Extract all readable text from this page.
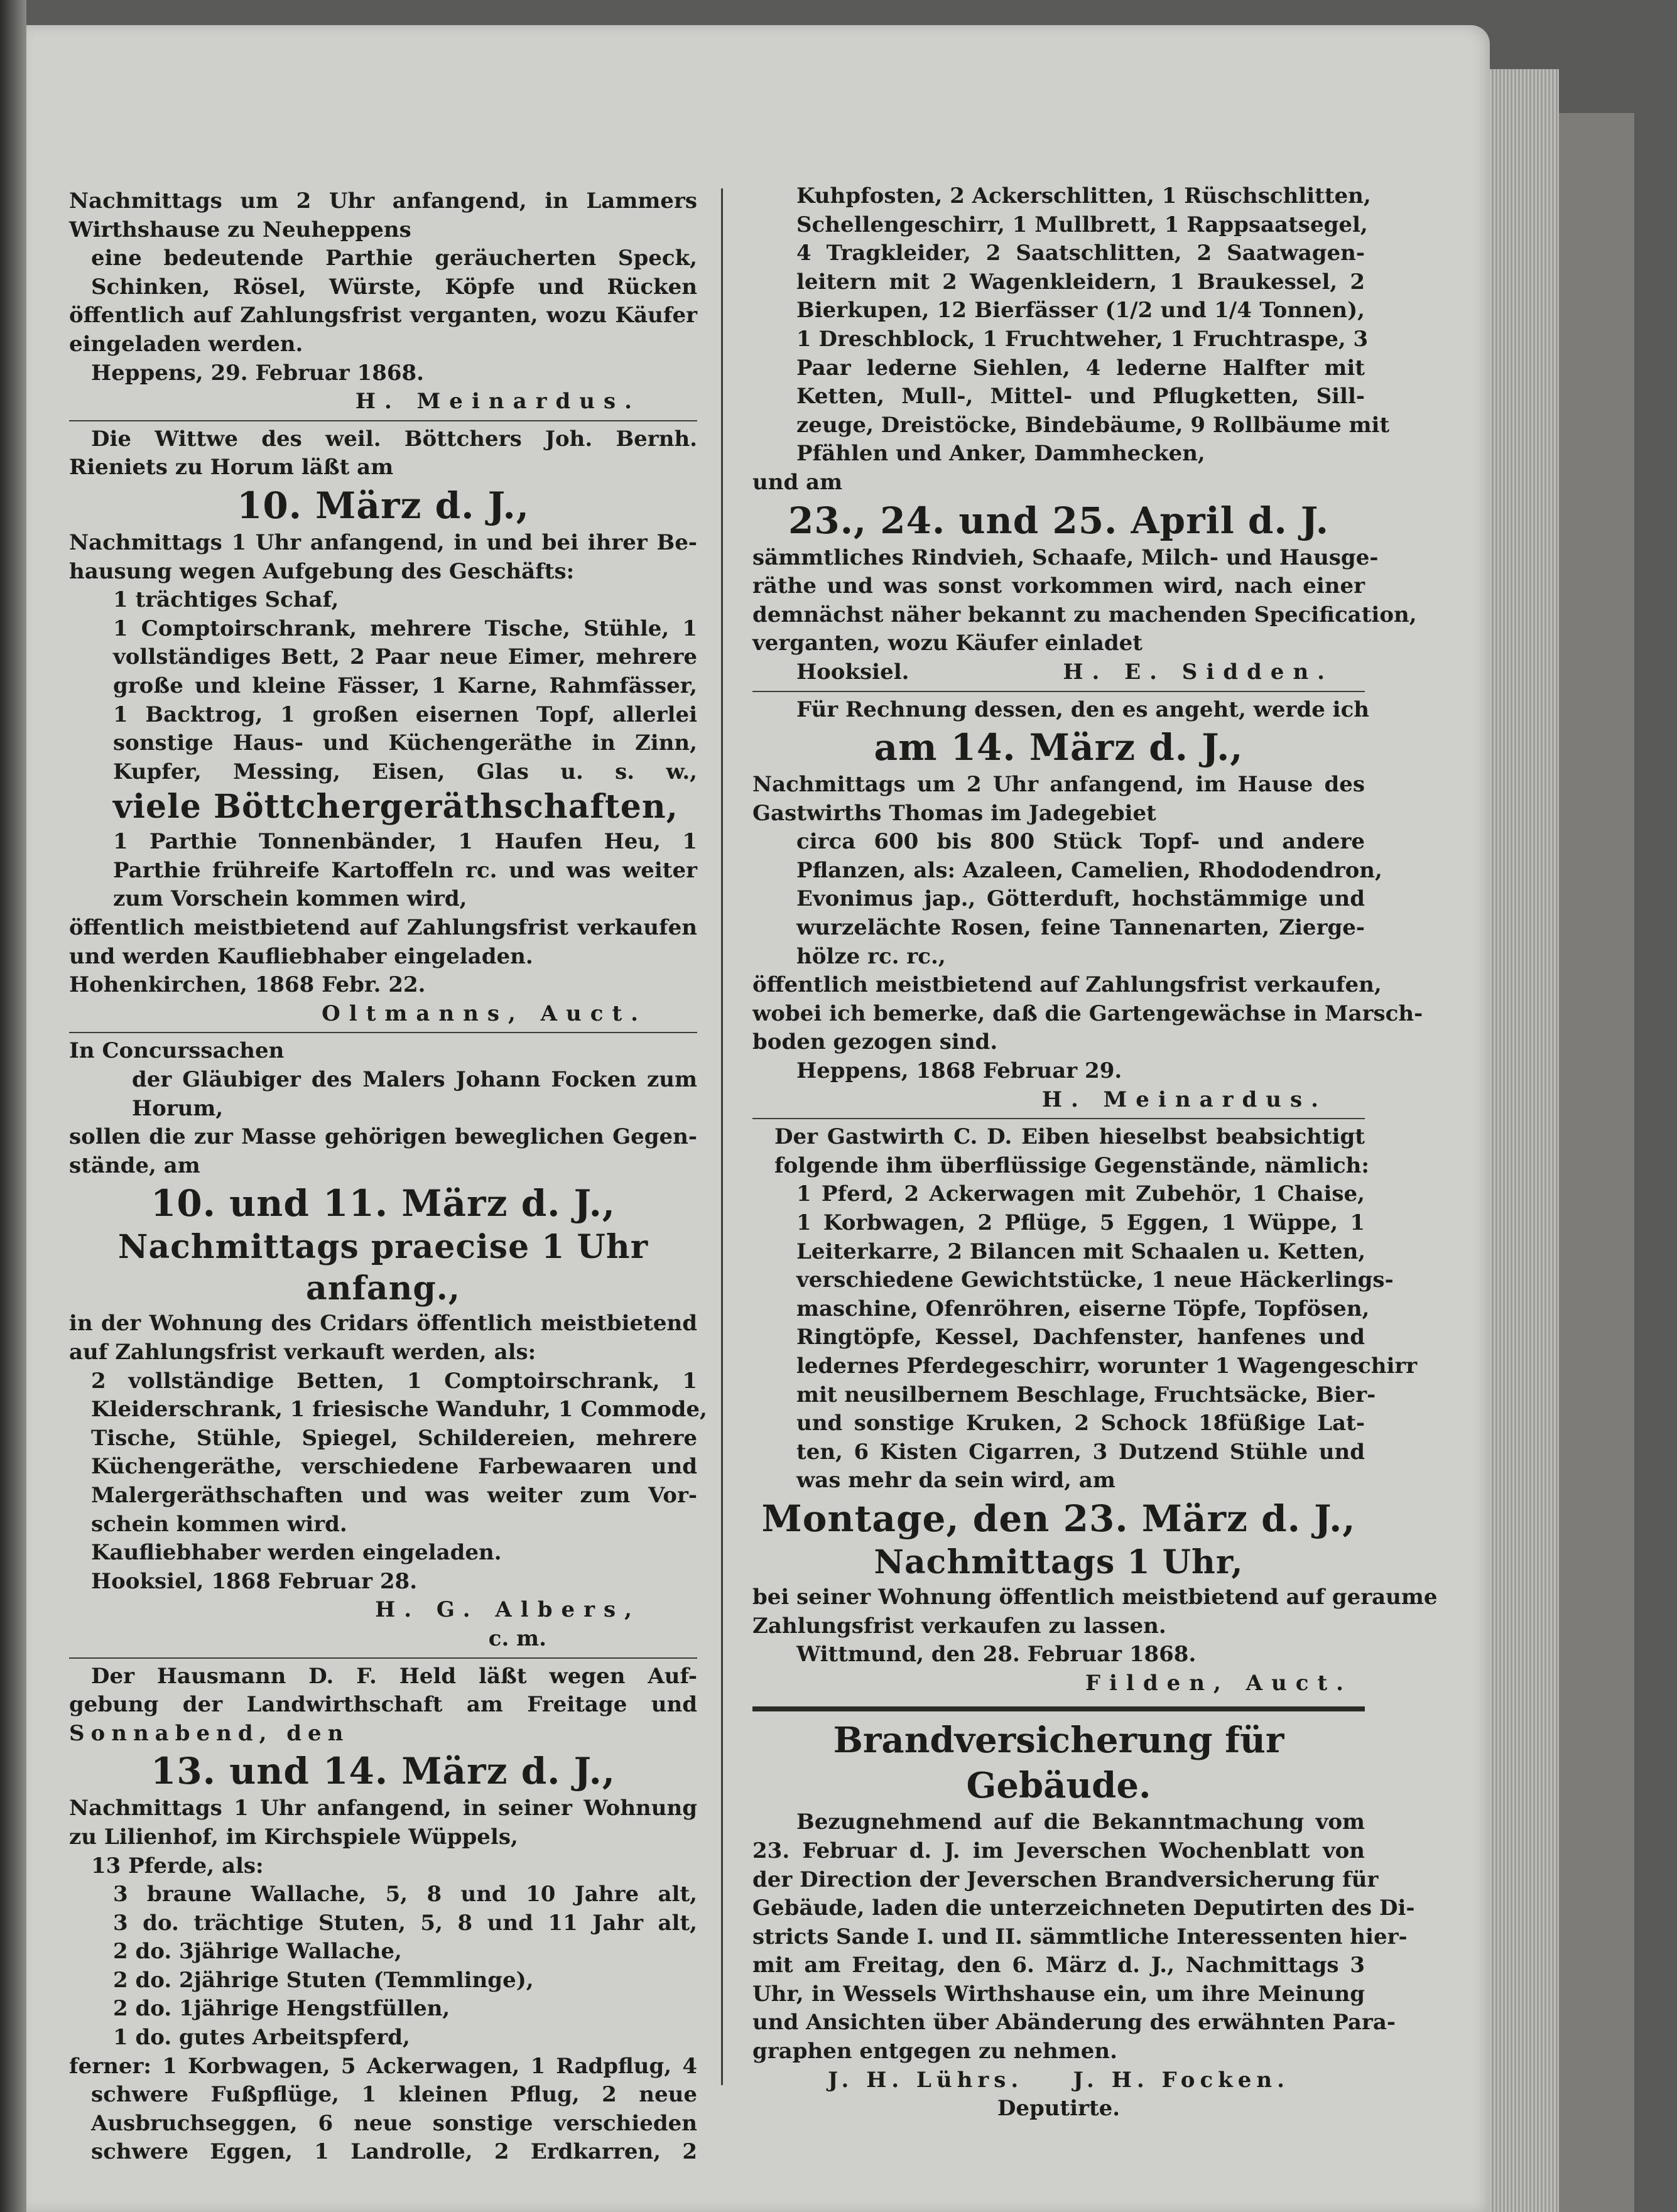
Nachmittags um 2 Uhr anfangend, in Lammers
Wirthshause zu Neuheppens
eine bedeutende Parthie geräucherten Speck,
Schinken, Rösel, Würste, Köpfe und Rücken
öffentlich auf Zahlungsfrist verganten, wozu Käufer
eingeladen werden.
Heppens, 29. Februar 1868.
H. Meinardus.
Die Wittwe des weil. Böttchers Joh. Bernh.
Rieniets zu Horum läßt am
10. März d. J.,
Nachmittags 1 Uhr anfangend, in und bei ihrer Be-
hausung wegen Aufgebung des Geschäfts:
1 trächtiges Schaf,
1 Comptoirschrank, mehrere Tische, Stühle, 1
vollständiges Bett, 2 Paar neue Eimer, mehrere
große und kleine Fässer, 1 Karne, Rahmfässer,
1 Backtrog, 1 großen eisernen Topf, allerlei
sonstige Haus- und Küchengeräthe in Zinn,
Kupfer, Messing, Eisen, Glas u. s. w.,
viele Böttchergeräthschaften,
1 Parthie Tonnenbänder, 1 Haufen Heu, 1
Parthie frühreife Kartoffeln rc. und was weiter
zum Vorschein kommen wird,
öffentlich meistbietend auf Zahlungsfrist verkaufen
und werden Kaufliebhaber eingeladen.
Hohenkirchen, 1868 Febr. 22.
Oltmanns, Auct.
In Concurssachen
der Gläubiger des Malers Johann Focken zum
Horum,
sollen die zur Masse gehörigen beweglichen Gegen-
stände, am
10. und 11. März d. J.,
Nachmittags praecise 1 Uhr anfang.,
in der Wohnung des Cridars öffentlich meistbietend
auf Zahlungsfrist verkauft werden, als:
2 vollständige Betten, 1 Comptoirschrank, 1
Kleiderschrank, 1 friesische Wanduhr, 1 Commode,
Tische, Stühle, Spiegel, Schildereien, mehrere
Küchengeräthe, verschiedene Farbewaaren und
Malergeräthschaften und was weiter zum Vor-
schein kommen wird.
Kaufliebhaber werden eingeladen.
Hooksiel, 1868 Februar 28.
H. G. Albers,
c. m.
Der Hausmann D. F. Held läßt wegen Auf-
gebung der Landwirthschaft am Freitage und
Sonnabend, den
13. und 14. März d. J.,
Nachmittags 1 Uhr anfangend, in seiner Wohnung
zu Lilienhof, im Kirchspiele Wüppels,
13 Pferde, als:
3 braune Wallache, 5, 8 und 10 Jahre alt,
3 do. trächtige Stuten, 5, 8 und 11 Jahr alt,
2 do. 3jährige Wallache,
2 do. 2jährige Stuten (Temmlinge),
2 do. 1jährige Hengstfüllen,
1 do. gutes Arbeitspferd,
ferner: 1 Korbwagen, 5 Ackerwagen, 1 Radpflug, 4
schwere Fußpflüge, 1 kleinen Pflug, 2 neue
Ausbruchseggen, 6 neue sonstige verschieden
schwere Eggen, 1 Landrolle, 2 Erdkarren, 2
Kuhpfosten, 2 Ackerschlitten, 1 Rüschschlitten,
Schellengeschirr, 1 Mullbrett, 1 Rappsaatsegel,
4 Tragkleider, 2 Saatschlitten, 2 Saatwagen-
leitern mit 2 Wagenkleidern, 1 Braukessel, 2
Bierkupen, 12 Bierfässer (1/2 und 1/4 Tonnen),
1 Dreschblock, 1 Fruchtweher, 1 Fruchtraspe, 3
Paar lederne Siehlen, 4 lederne Halfter mit
Ketten, Mull-, Mittel- und Pflugketten, Sill-
zeuge, Dreistöcke, Bindebäume, 9 Rollbäume mit
Pfählen und Anker, Dammhecken,
und am
23., 24. und 25. April d. J.
sämmtliches Rindvieh, Schaafe, Milch- und Hausge-
räthe und was sonst vorkommen wird, nach einer
demnächst näher bekannt zu machenden Specification,
verganten, wozu Käufer einladet
Hooksiel.	H. E. Sidden.
Für Rechnung dessen, den es angeht, werde ich
am 14. März d. J.,
Nachmittags um 2 Uhr anfangend, im Hause des
Gastwirths Thomas im Jadegebiet
circa 600 bis 800 Stück Topf- und andere
Pflanzen, als: Azaleen, Camelien, Rhododendron,
Evonimus jap., Götterduft, hochstämmige und
wurzelächte Rosen, feine Tannenarten, Zierge-
hölze rc. rc.,
öffentlich meistbietend auf Zahlungsfrist verkaufen,
wobei ich bemerke, daß die Gartengewächse in Marsch-
boden gezogen sind.
Heppens, 1868 Februar 29.
H. Meinardus.
Der Gastwirth C. D. Eiben hieselbst beabsichtigt
folgende ihm überflüssige Gegenstände, nämlich:
1 Pferd, 2 Ackerwagen mit Zubehör, 1 Chaise,
1 Korbwagen, 2 Pflüge, 5 Eggen, 1 Wüppe, 1
Leiterkarre, 2 Bilancen mit Schaalen u. Ketten,
verschiedene Gewichtstücke, 1 neue Häckerlings-
maschine, Ofenröhren, eiserne Töpfe, Topfösen,
Ringtöpfe, Kessel, Dachfenster, hanfenes und
ledernes Pferdegeschirr, worunter 1 Wagengeschirr
mit neusilbernem Beschlage, Fruchtsäcke, Bier-
und sonstige Kruken, 2 Schock 18füßige Lat-
ten, 6 Kisten Cigarren, 3 Dutzend Stühle und
was mehr da sein wird, am
Montage, den 23. März d. J.,
Nachmittags 1 Uhr,
bei seiner Wohnung öffentlich meistbietend auf geraume
Zahlungsfrist verkaufen zu lassen.
Wittmund, den 28. Februar 1868.
Filden, Auct.
Brandversicherung für Gebäude.
Bezugnehmend auf die Bekanntmachung vom
23. Februar d. J. im Jeverschen Wochenblatt von
der Direction der Jeverschen Brandversicherung für
Gebäude, laden die unterzeichneten Deputirten des Di-
stricts Sande I. und II. sämmtliche Interessenten hier-
mit am Freitag, den 6. März d. J., Nachmittags 3
Uhr, in Wessels Wirthshause ein, um ihre Meinung
und Ansichten über Abänderung des erwähnten Para-
graphen entgegen zu nehmen.
J. H. Lührs.    J. H. Focken.
Deputirte.
